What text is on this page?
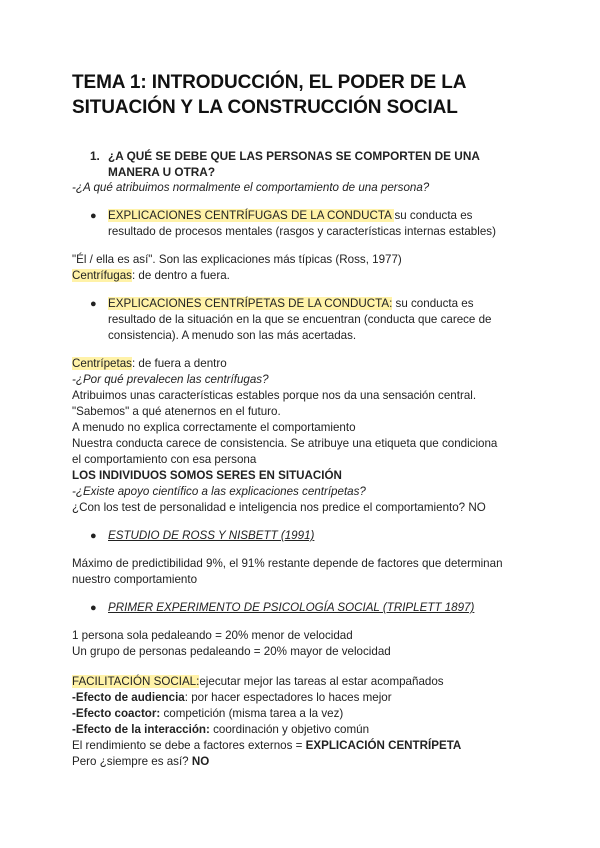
TEMA 1: INTRODUCCIÓN, EL PODER DE LA
SITUACIÓN Y LA CONSTRUCCIÓN SOCIAL
1. ¿A QUÉ SE DEBE QUE LAS PERSONAS SE COMPORTEN DE UNA
MANERA U OTRA?
-¿A qué atribuimos normalmente el comportamiento de una persona?
● EXPLICACIONES CENTRÍFUGAS DE LA CONDUCTA su conducta es
resultado de procesos mentales (rasgos y características internas estables)
"Él / ella es así". Son las explicaciones más típicas (Ross, 1977)
Centrífugas: de dentro a fuera.
● EXPLICACIONES CENTRÍPETAS DE LA CONDUCTA: su conducta es
resultado de la situación en la que se encuentran (conducta que carece de
consistencia). A menudo son las más acertadas.
Centrípetas: de fuera a dentro
-¿Por qué prevalecen las centrífugas?
Atribuimos unas características estables porque nos da una sensación central.
"Sabemos" a qué atenernos en el futuro.
A menudo no explica correctamente el comportamiento
Nuestra conducta carece de consistencia. Se atribuye una etiqueta que condiciona
el comportamiento con esa persona
LOS INDIVIDUOS SOMOS SERES EN SITUACIÓN
-¿Existe apoyo científico a las explicaciones centrípetas?
¿Con los test de personalidad e inteligencia nos predice el comportamiento? NO
● ESTUDIO DE ROSS Y NISBETT (1991)
Máximo de predictibilidad 9%, el 91% restante depende de factores que determinan
nuestro comportamiento
● PRIMER EXPERIMENTO DE PSICOLOGÍA SOCIAL (TRIPLETT 1897)
1 persona sola pedaleando = 20% menor de velocidad
Un grupo de personas pedaleando = 20% mayor de velocidad
FACILITACIÓN SOCIAL:ejecutar mejor las tareas al estar acompañados
-Efecto de audiencia: por hacer espectadores lo haces mejor
-Efecto coactor: competición (misma tarea a la vez)
-Efecto de la interacción: coordinación y objetivo común
El rendimiento se debe a factores externos = EXPLICACIÓN CENTRÍPETA
Pero ¿siempre es así? NO
